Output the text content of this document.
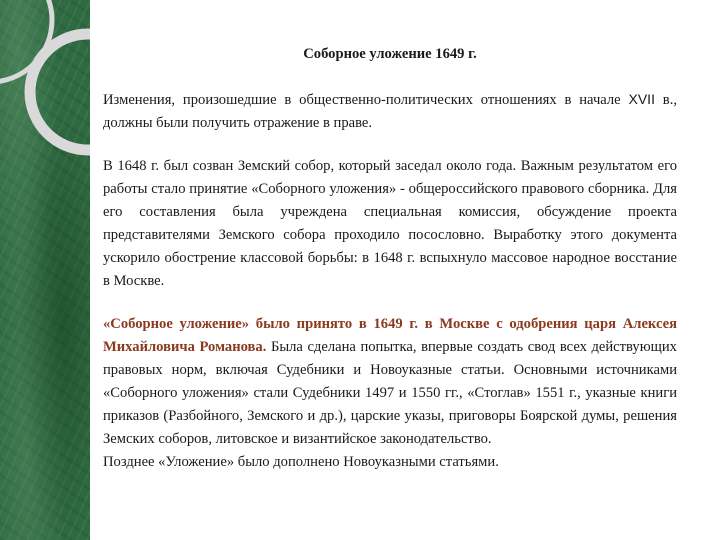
Соборное уложение 1649 г.

Изменения, произошедшие в общественно-политических отношениях в начале XVII в., должны были получить отражение в праве.

В 1648 г. был созван Земский собор, который заседал около года. Важным результатом его работы стало принятие «Соборного уложения» - общероссийского правового сборника. Для его составления была учреждена специальная комиссия, обсуждение проекта представителями Земского собора проходило посословно. Выработку этого документа ускорило обострение классовой борьбы: в 1648 г. вспыхнуло массовое народное восстание в Москве.

«Соборное уложение» было принято в 1649 г. в Москве с одобрения царя Алексея Михайловича Романова. Была сделана попытка, впервые создать свод всех действующих правовых норм, включая Судебники и Новоуказные статьи. Основными источниками «Соборного уложения» стали Судебники 1497 и 1550 гг., «Стоглав» 1551 г., указные книги приказов (Разбойного, Земского и др.), царские указы, приговоры Боярской думы, решения Земских соборов, литовское и византийское законодательство.

Позднее «Уложение» было дополнено Новоуказными статьями.
